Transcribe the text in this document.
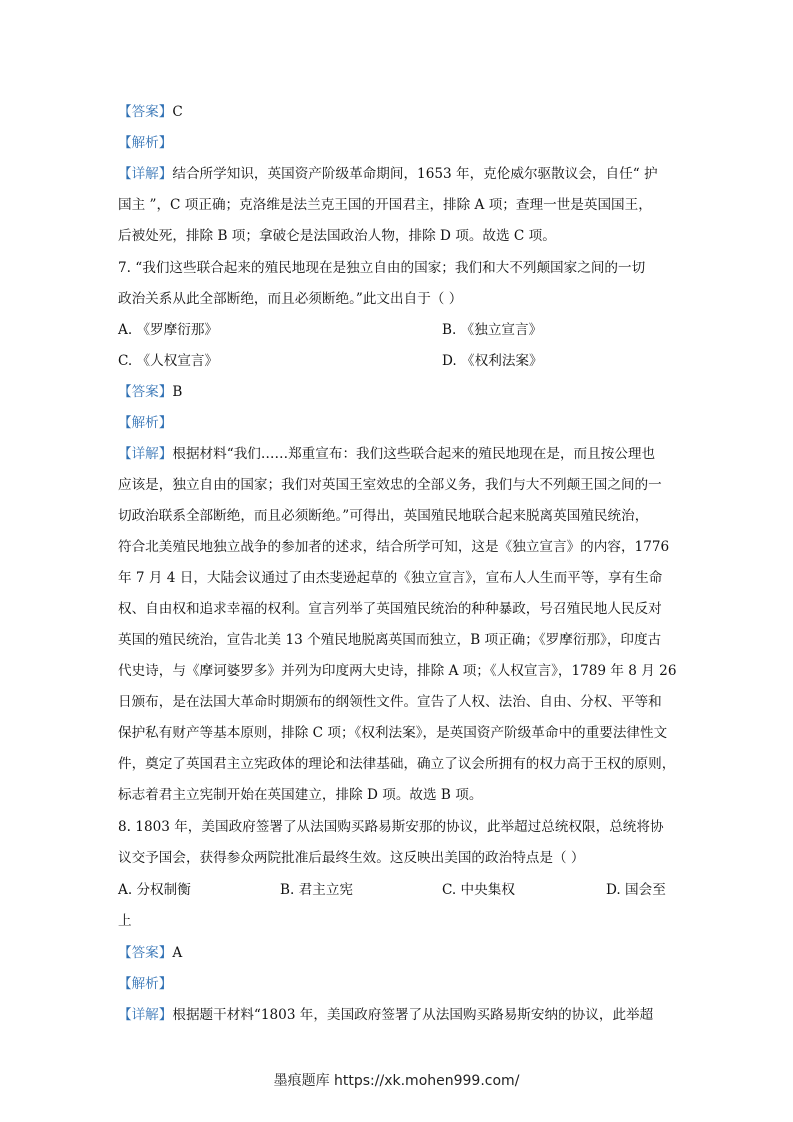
【答案】C
【解析】
【详解】结合所学知识，英国资产阶级革命期间，1653 年，克伦威尔驱散议会，自任“ 护
国主 ”，C 项正确；克洛维是法兰克王国的开国君主，排除 A 项；查理一世是英国国王，
后被处死，排除 B 项；拿破仑是法国政治人物，排除 D 项。故选 C 项。
7. “我们这些联合起来的殖民地现在是独立自由的国家；我们和大不列颠国家之间的一切
政治关系从此全部断绝，而且必须断绝。”此文出自于（ ）
A. 《罗摩衍那》	B. 《独立宣言》
C. 《人权宣言》	D. 《权利法案》
【答案】B
【解析】
【详解】根据材料“我们……郑重宣布：我们这些联合起来的殖民地现在是，而且按公理也
应该是，独立自由的国家；我们对英国王室效忠的全部义务，我们与大不列颠王国之间的一
切政治联系全部断绝，而且必须断绝。”可得出，英国殖民地联合起来脱离英国殖民统治，
符合北美殖民地独立战争的参加者的述求，结合所学可知，这是《独立宣言》的内容，1776
年 7 月 4 日，大陆会议通过了由杰斐逊起草的《独立宣言》，宣布人人生而平等，享有生命
权、自由权和追求幸福的权利。宣言列举了英国殖民统治的种种暴政，号召殖民地人民反对
英国的殖民统治，宣告北美 13 个殖民地脱离英国而独立，B 项正确；《罗摩衍那》，印度古
代史诗，与《摩诃婆罗多》并列为印度两大史诗，排除 A 项；《人权宣言》，1789 年 8 月 26
日颁布，是在法国大革命时期颁布的纲领性文件。宣告了人权、法治、自由、分权、平等和
保护私有财产等基本原则，排除 C 项；《权利法案》，是英国资产阶级革命中的重要法律性文
件，奠定了英国君主立宪政体的理论和法律基础，确立了议会所拥有的权力高于王权的原则，
标志着君主立宪制开始在英国建立，排除 D 项。故选 B 项。
8. 1803 年，美国政府签署了从法国购买路易斯安那的协议，此举超过总统权限，总统将协
议交予国会，获得参众两院批准后最终生效。这反映出美国的政治特点是（ ）
A. 分权制衡	B. 君主立宪	C. 中央集权	D. 国会至
上
【答案】A
【解析】
【详解】根据题干材料“1803 年，美国政府签署了从法国购买路易斯安纳的协议，此举超
墨痕题库 https://xk.mohen999.com/
